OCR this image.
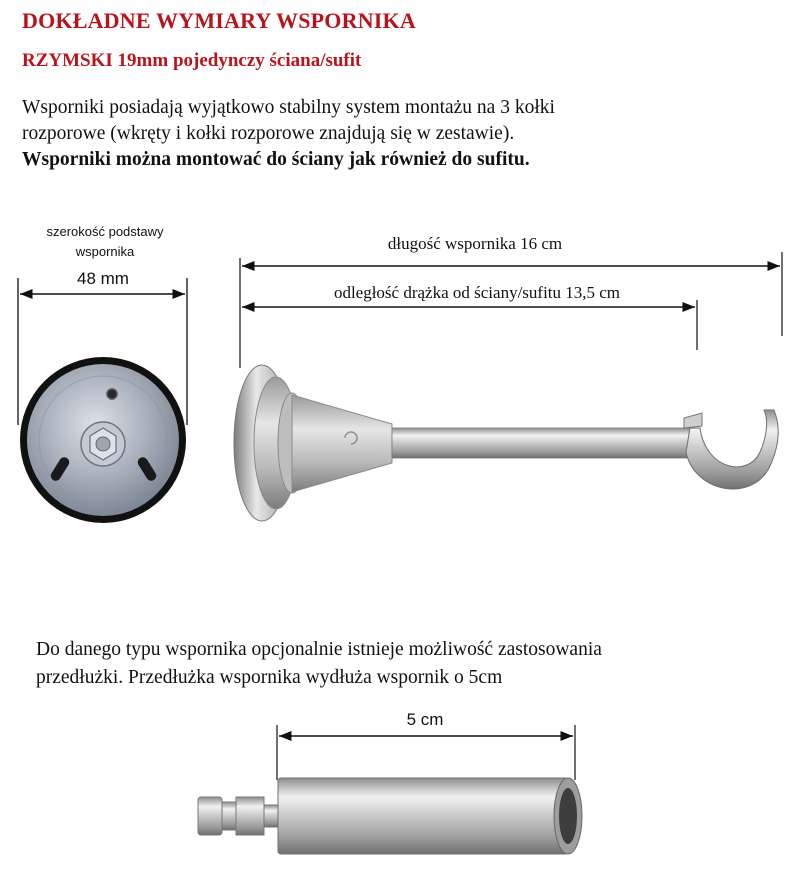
DOKŁADNE WYMIARY WSPORNIKA
RZYMSKI 19mm pojedynczy ściana/sufit
Wsporniki posiadają wyjątkowo stabilny system montażu na 3 kołki
rozporowe (wkręty i kołki rozporowe znajdują się w zestawie).
Wsporniki można montować do ściany jak również do sufitu.
szerokość podstawy
wspornika
48 mm
długość wspornika 16 cm
odległość drążka od ściany/sufitu 13,5 cm
5 cm
Do danego typu wspornika opcjonalnie istnieje możliwość zastosowania
przedłużki. Przedłużka wspornika wydłuża wspornik o 5cm
